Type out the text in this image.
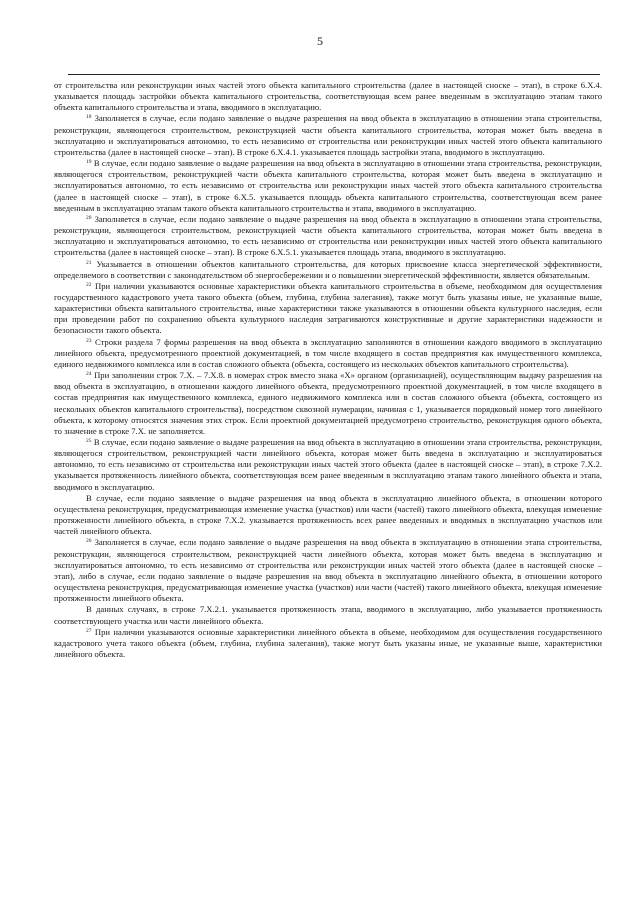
5

от строительства или реконструкции иных частей этого объекта капитального строительства (далее в настоящей сноске – этап), в строке 6.Х.4. указывается площадь застройки объекта капитального строительства, соответствующая всем ранее введенным в эксплуатацию этапам такого объекта капитального строительства и этапа, вводимого в эксплуатацию.

$^{18}$ Заполняется в случае, если подано заявление о выдаче разрешения на ввод объекта в эксплуатацию в отношении этапа строительства, реконструкции, являющегося строительством, реконструкцией части объекта капитального строительства, которая может быть введена в эксплуатацию и эксплуатироваться автономно, то есть независимо от строительства или реконструкции иных частей этого объекта капитального строительства (далее в настоящей сноске – этап). В строке 6.Х.4.1. указывается площадь застройки этапа, вводимого в эксплуатацию.

$^{19}$ В случае, если подано заявление о выдаче разрешения на ввод объекта в эксплуатацию в отношении этапа строительства, реконструкции, являющегося строительством, реконструкцией части объекта капитального строительства, которая может быть введена в эксплуатацию и эксплуатироваться автономно, то есть независимо от строительства или реконструкции иных частей этого объекта капитального строительства (далее в настоящей сноске – этап), в строке 6.Х.5. указывается площадь объекта капитального строительства, соответствующая всем ранее введенным в эксплуатацию этапам такого объекта капитального строительства и этапа, вводимого в эксплуатацию.

$^{20}$ Заполняется в случае, если подано заявление о выдаче разрешения на ввод объекта в эксплуатацию в отношении этапа строительства, реконструкции, являющегося строительством, реконструкцией части объекта капитального строительства, которая может быть введена в эксплуатацию и эксплуатироваться автономно, то есть независимо от строительства или реконструкции иных частей этого объекта капитального строительства (далее в настоящей сноске – этап). В строке 6.Х.5.1. указывается площадь этапа, вводимого в эксплуатацию.

$^{21}$ Указывается в отношении объектов капитального строительства, для которых присвоение класса энергетической эффективности, определяемого в соответствии с законодательством об энергосбережении и о повышении энергетической эффективности, является обязательным.

$^{22}$ При наличии указываются основные характеристики объекта капитального строительства в объеме, необходимом для осуществления государственного кадастрового учета такого объекта (объем, глубина, глубина залегания), также могут быть указаны иные, не указанные выше, характеристики объекта капитального строительства, иные характеристики также указываются в отношении объекта культурного наследия, если при проведении работ по сохранению объекта культурного наследия затрагиваются конструктивные и другие характеристики надежности и безопасности такого объекта.

$^{23}$ Строки раздела 7 формы разрешения на ввод объекта в эксплуатацию заполняются в отношении каждого вводимого в эксплуатацию линейного объекта, предусмотренного проектной документацией, в том числе входящего в состав предприятия как имущественного комплекса, единого недвижимого комплекса или в состав сложного объекта (объекта, состоящего из нескольких объектов капитального строительства).

$^{24}$ При заполнении строк 7.Х. – 7.Х.8. в номерах строк вместо знака «Х» органом (организацией), осуществляющим выдачу разрешения на ввод объекта в эксплуатацию, в отношении каждого линейного объекта, предусмотренного проектной документацией, в том числе входящего в состав предприятия как имущественного комплекса, единого недвижимого комплекса или в состав сложного объекта (объекта, состоящего из нескольких объектов капитального строительства), посредством сквозной нумерации, начиная с 1, указывается порядковый номер того линейного объекта, к которому относятся значения этих строк. Если проектной документацией предусмотрено строительство, реконструкция одного объекта, то значение в строке 7.Х. не заполняется.

$^{25}$ В случае, если подано заявление о выдаче разрешения на ввод объекта в эксплуатацию в отношении этапа строительства, реконструкции, являющегося строительством, реконструкцией части линейного объекта, которая может быть введена в эксплуатацию и эксплуатироваться автономно, то есть независимо от строительства или реконструкции иных частей этого объекта (далее в настоящей сноске – этап), в строке 7.Х.2. указывается протяженность линейного объекта, соответствующая всем ранее введенным в эксплуатацию этапам такого линейного объекта и этапа, вводимого в эксплуатацию.

В случае, если подано заявление о выдаче разрешения на ввод объекта в эксплуатацию линейного объекта, в отношении которого осуществлена реконструкция, предусматривающая изменение участка (участков) или части (частей) такого линейного объекта, влекущая изменение протяженности линейного объекта, в строке 7.Х.2. указывается протяженность всех ранее введенных и вводимых в эксплуатацию участков или частей линейного объекта.

$^{26}$ Заполняется в случае, если подано заявление о выдаче разрешения на ввод объекта в эксплуатацию в отношении этапа строительства, реконструкции, являющегося строительством, реконструкцией части линейного объекта, которая может быть введена в эксплуатацию и эксплуатироваться автономно, то есть независимо от строительства или реконструкции иных частей этого объекта (далее в настоящей сноске – этап), либо в случае, если подано заявление о выдаче разрешения на ввод объекта в эксплуатацию линейного объекта, в отношении которого осуществлена реконструкция, предусматривающая изменение участка (участков) или части (частей) такого линейного объекта, влекущая изменение протяженности линейного объекта.

В данных случаях, в строке 7.Х.2.1. указывается протяженность этапа, вводимого в эксплуатацию, либо указывается протяженность соответствующего участка или части линейного объекта.

$^{27}$ При наличии указываются основные характеристики линейного объекта в объеме, необходимом для осуществления государственного кадастрового учета такого объекта (объем, глубина, глубина залегания), также могут быть указаны иные, не указанные выше, характеристики линейного объекта.
